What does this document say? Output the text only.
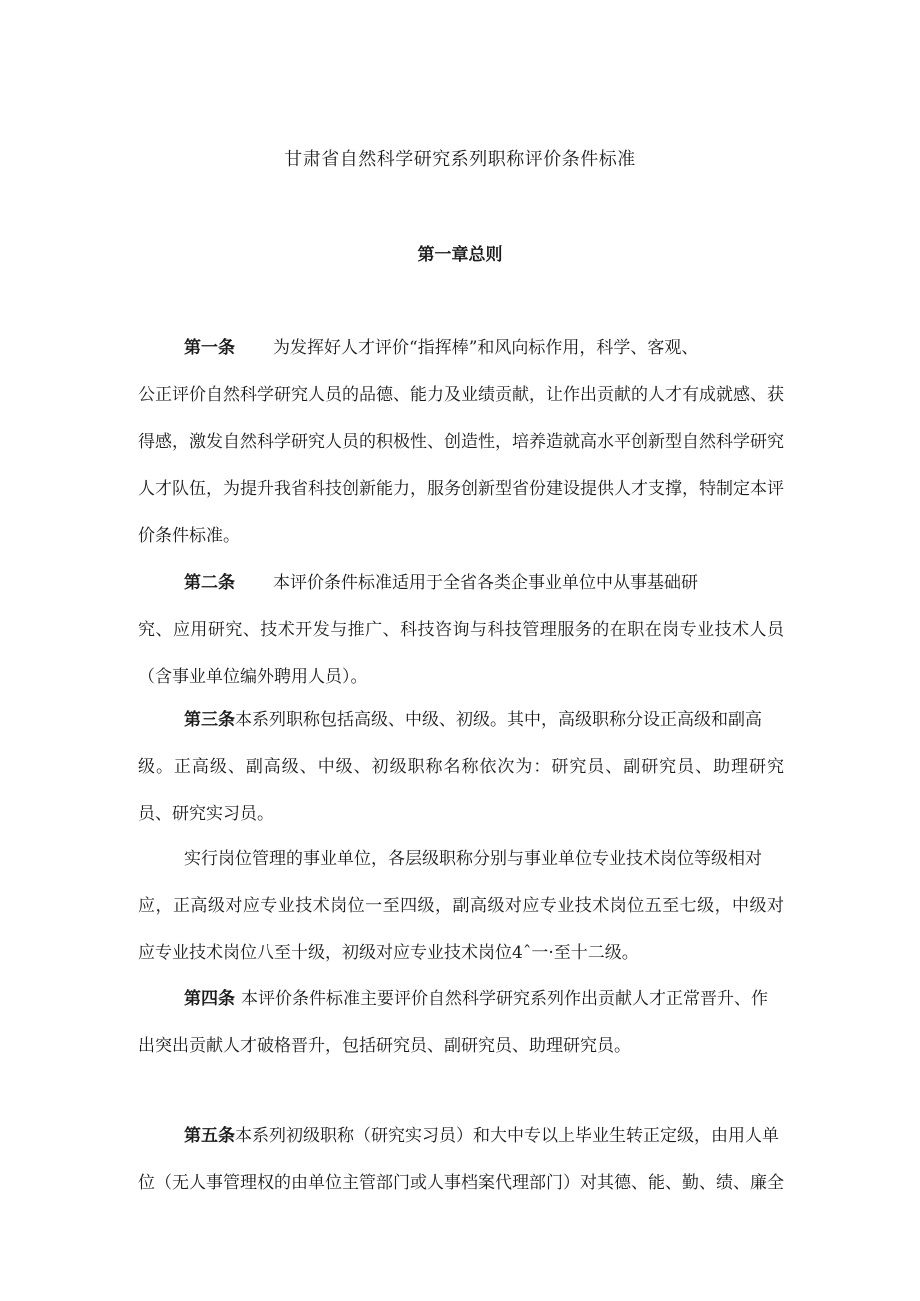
甘肃省自然科学研究系列职称评价条件标准
第一章总则
第一条 为发挥好人才评价“指挥棒”和风向标作用，科学、客观、
公正评价自然科学研究人员的品德、能力及业绩贡献，让作出贡献的人才有成就感、获
得感，激发自然科学研究人员的积极性、创造性，培养造就高水平创新型自然科学研究
人才队伍，为提升我省科技创新能力，服务创新型省份建设提供人才支撑，特制定本评
价条件标准。
第二条 本评价条件标准适用于全省各类企事业单位中从事基础研
究、应用研究、技术开发与推广、科技咨询与科技管理服务的在职在岗专业技术人员
（含事业单位编外聘用人员）。
第三条本系列职称包括高级、中级、初级。其中，高级职称分设正高级和副高
级。正高级、副高级、中级、初级职称名称依次为：研究员、副研究员、助理研究
员、研究实习员。
实行岗位管理的事业单位，各层级职称分别与事业单位专业技术岗位等级相对
应，正高级对应专业技术岗位一至四级，副高级对应专业技术岗位五至七级，中级对
应专业技术岗位八至十级，初级对应专业技术岗位4ˆ一·至十二级。
第四条 本评价条件标准主要评价自然科学研究系列作出贡献人才正常晋升、作
出突出贡献人才破格晋升，包括研究员、副研究员、助理研究员。
第五条本系列初级职称（研究实习员）和大中专以上毕业生转正定级，由用人单
位（无人事管理权的由单位主管部门或人事档案代理部门）对其德、能、勤、绩、廉全
